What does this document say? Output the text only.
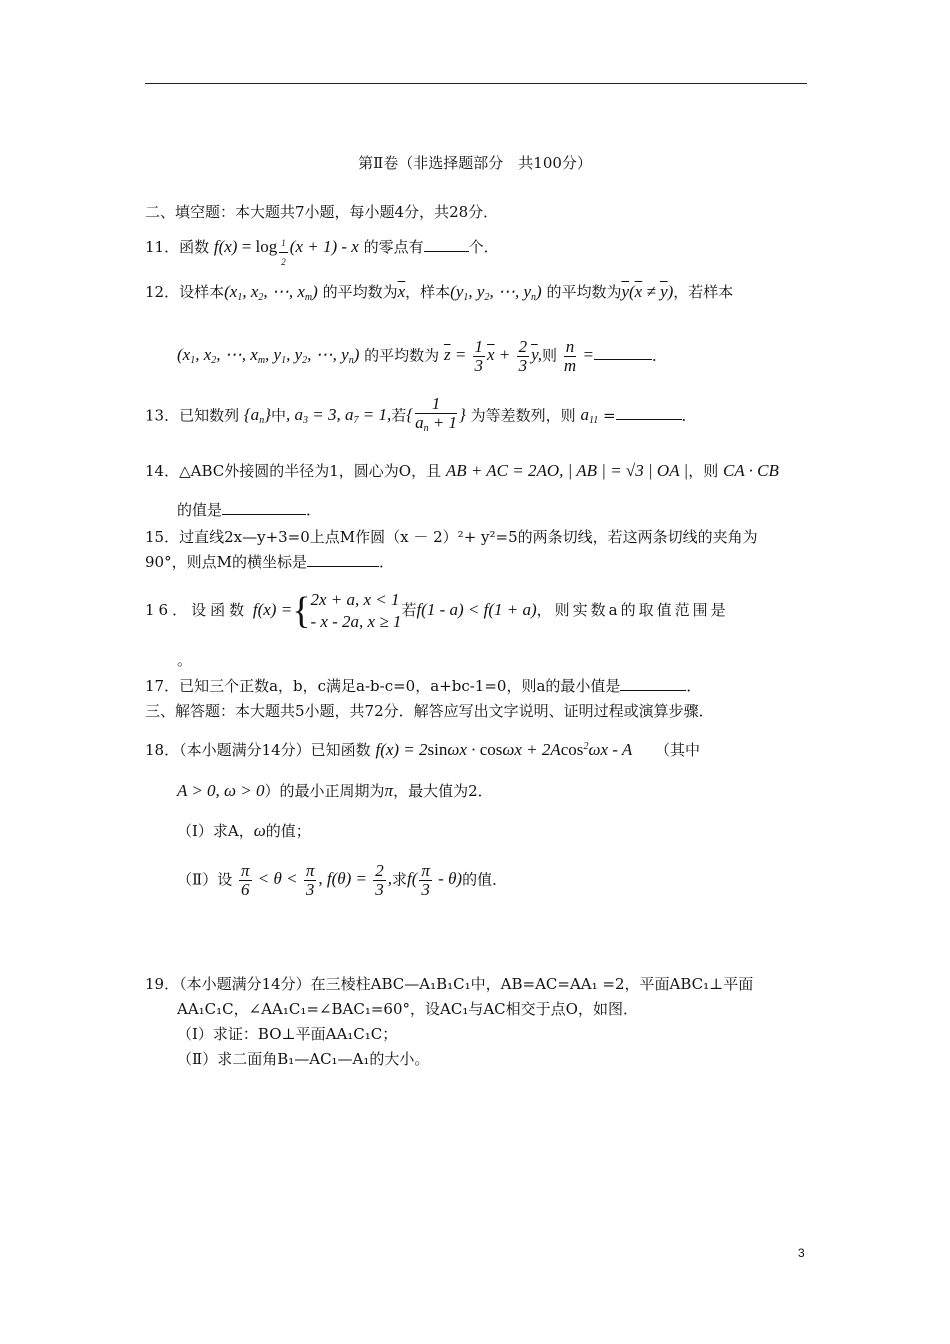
第Ⅱ卷（非选择题部分　共100分）
二、填空题：本大题共7小题，每小题4分，共28分．
11．函数 f(x) = log $_{\frac{1}{2}}$ (x + 1) - x 的零点有	个．
12．设样本($x_1$, $x_2$, ⋯, $x_m$) 的平均数为$\overline{x}$，样本($y_1$, $y_2$, ⋯, $y_n$) 的平均数为$\overline{y}(\overline{x} \ne \overline{y})$，若样本
($x_1$, $x_2$, ⋯, $x_m$, $y_1$, $y_2$, ⋯, $y_n$) 的平均数为 $\overline{z} = \frac{1}{3} \overline{x} + \frac{2}{3} \overline{y}$,则 $\frac{n}{m}$ =	．
13．已知数列 $\{a_n\}$中, $a_3 = 3$, $a_7 = 1$,若{ $\frac{1}{a_n + 1}$ } 为等差数列，则 $a_{11}$ =	．
14．△ABC外接圆的半径为1，圆心为O，且 AB + AC = 2AO, | AB | = √3 | OA |，则 CA · CB
的值是	．
15．过直线2x—y+3=0上点M作圆（x － 2）²+ y²=5的两条切线，若这两条切线的夹角为
90°，则点M的横坐标是	．
16．设函数 f(x) ={ 2x + a, x < 1
- x - 2a, x ≥ 1
若f(1 - a) < f(1 + a)，则实数a的取值范围是
。
17．已知三个正数a，b，c满足a-b-c=0，a+bc-1=0，则a的最小值是	．
三、解答题：本大题共5小题，共72分．解答应写出文字说明、证明过程或演算步骤．
18．（本小题满分14分）已知函数 f(x) = 2sinωx · cosωx + 2Acos$^2$ωx - A （其中
A > 0, ω > 0）的最小正周期为π，最大值为2．
（Ⅰ）求A，ω的值；
（Ⅱ）设 $\frac{\pi}{6} < \theta < \frac{\pi}{3}$ , $f(\theta) = \frac{2}{3}$ ,求$f( \frac{\pi}{3} - \theta)$的值．
19．（本小题满分14分）在三棱柱ABC—A₁B₁C₁中，AB=AC=AA₁ =2，平面ABC₁⊥平面
AA₁C₁C，∠AA₁C₁=∠BAC₁=60°，设AC₁与AC相交于点O，如图．
（Ⅰ）求证：BO⊥平面AA₁C₁C；
（Ⅱ）求二面角B₁—AC₁—A₁的大小。
3
